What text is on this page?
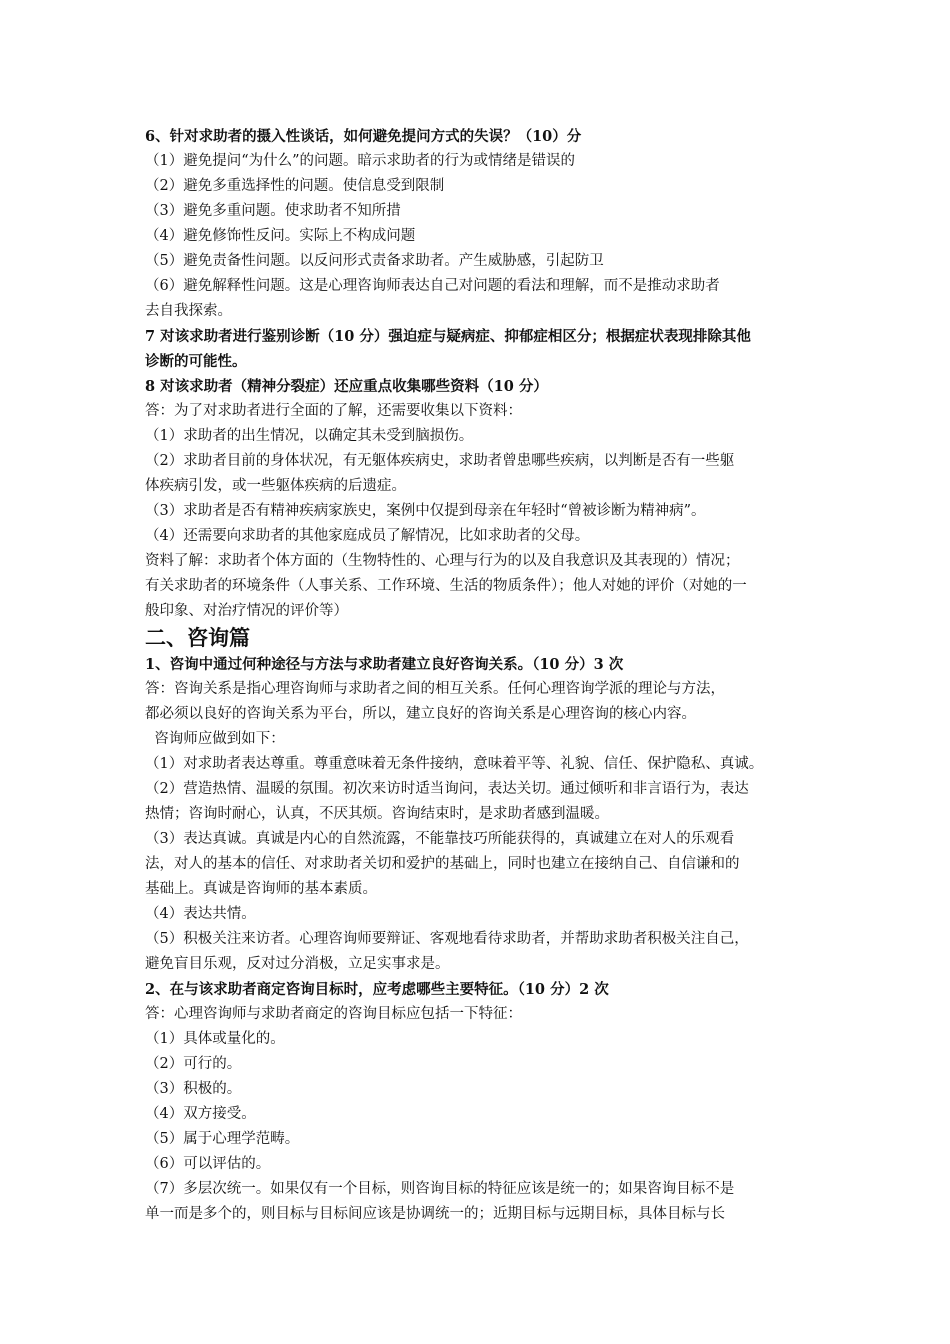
6、针对求助者的摄入性谈话，如何避免提问方式的失误？（10）分

（1）避免提问“为什么”的问题。暗示求助者的行为或情绪是错误的

（2）避免多重选择性的问题。使信息受到限制

（3）避免多重问题。使求助者不知所措

（4）避免修饰性反问。实际上不构成问题

（5）避免责备性问题。以反问形式责备求助者。产生威胁感，引起防卫

（6）避免解释性问题。这是心理咨询师表达自己对问题的看法和理解，而不是推动求助者

去自我探索。

7 对该求助者进行鉴别诊断（10 分）强迫症与疑病症、抑郁症相区分；根据症状表现排除其他

诊断的可能性。

8 对该求助者（精神分裂症）还应重点收集哪些资料（10 分）

答：为了对求助者进行全面的了解，还需要收集以下资料：

（1）求助者的出生情况，以确定其未受到脑损伤。

（2）求助者目前的身体状况，有无躯体疾病史，求助者曾患哪些疾病，以判断是否有一些躯

体疾病引发，或一些躯体疾病的后遗症。

（3）求助者是否有精神疾病家族史，案例中仅提到母亲在年轻时“曾被诊断为精神病”。

（4）还需要向求助者的其他家庭成员了解情况，比如求助者的父母。

资料了解：求助者个体方面的（生物特性的、心理与行为的以及自我意识及其表现的）情况；

有关求助者的环境条件（人事关系、工作环境、生活的物质条件）；他人对她的评价（对她的一

般印象、对治疗情况的评价等）

二、咨询篇

1、咨询中通过何种途径与方法与求助者建立良好咨询关系。（10 分）3 次

答：咨询关系是指心理咨询师与求助者之间的相互关系。任何心理咨询学派的理论与方法，

都必须以良好的咨询关系为平台，所以，建立良好的咨询关系是心理咨询的核心内容。

咨询师应做到如下：

（1）对求助者表达尊重。尊重意味着无条件接纳，意味着平等、礼貌、信任、保护隐私、真诚。

（2）营造热情、温暖的氛围。初次来访时适当询问，表达关切。通过倾听和非言语行为，表达

热情；咨询时耐心，认真，不厌其烦。咨询结束时，是求助者感到温暖。

（3）表达真诚。真诚是内心的自然流露，不能靠技巧所能获得的，真诚建立在对人的乐观看

法，对人的基本的信任、对求助者关切和爱护的基础上，同时也建立在接纳自己、自信谦和的

基础上。真诚是咨询师的基本素质。

（4）表达共情。

（5）积极关注来访者。心理咨询师要辩证、客观地看待求助者，并帮助求助者积极关注自己，

避免盲目乐观，反对过分消极，立足实事求是。

2、在与该求助者商定咨询目标时，应考虑哪些主要特征。（10 分）2 次

答：心理咨询师与求助者商定的咨询目标应包括一下特征：

（1）具体或量化的。

（2）可行的。

（3）积极的。

（4）双方接受。

（5）属于心理学范畴。

（6）可以评估的。

（7）多层次统一。如果仅有一个目标，则咨询目标的特征应该是统一的；如果咨询目标不是

单一而是多个的，则目标与目标间应该是协调统一的；近期目标与远期目标，具体目标与长
